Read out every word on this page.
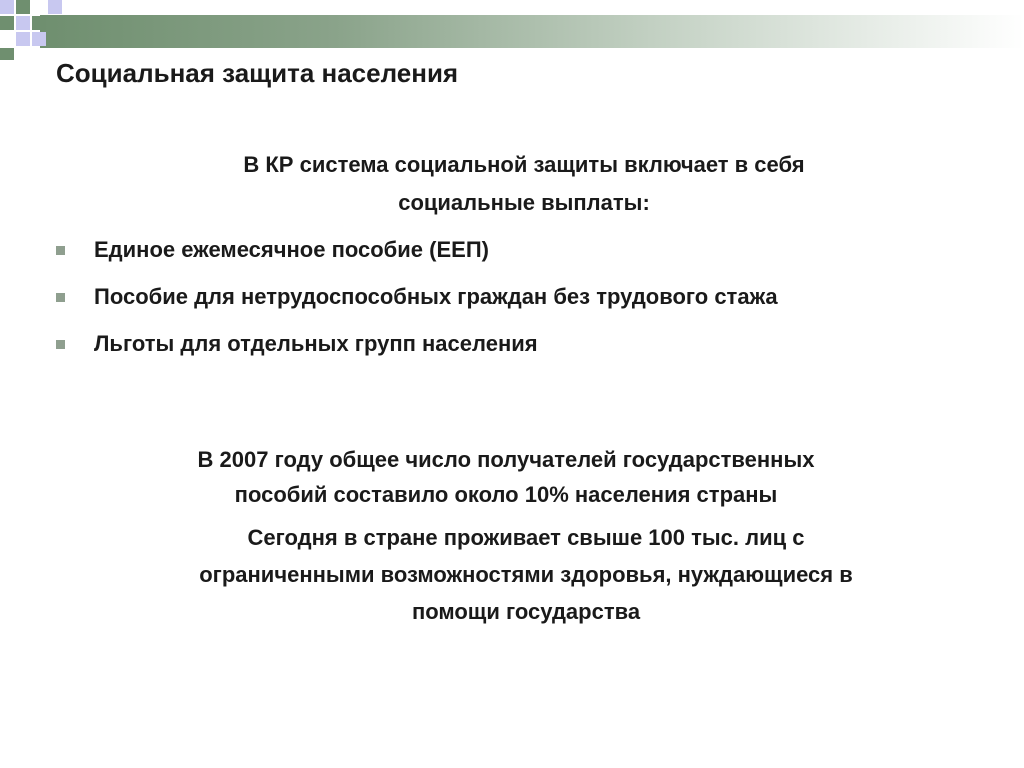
Социальная защита населения

В КР система социальной защиты включает в себя
социальные выплаты:

Единое ежемесячное пособие (ЕЕП)
Пособие для нетрудоспособных граждан без трудового стажа
Льготы для отдельных групп населения

В 2007 году общее число получателей государственных
пособий составило около 10% населения страны

Сегодня в стране проживает свыше 100 тыс. лиц с
ограниченными возможностями здоровья, нуждающиеся в
помощи государства
